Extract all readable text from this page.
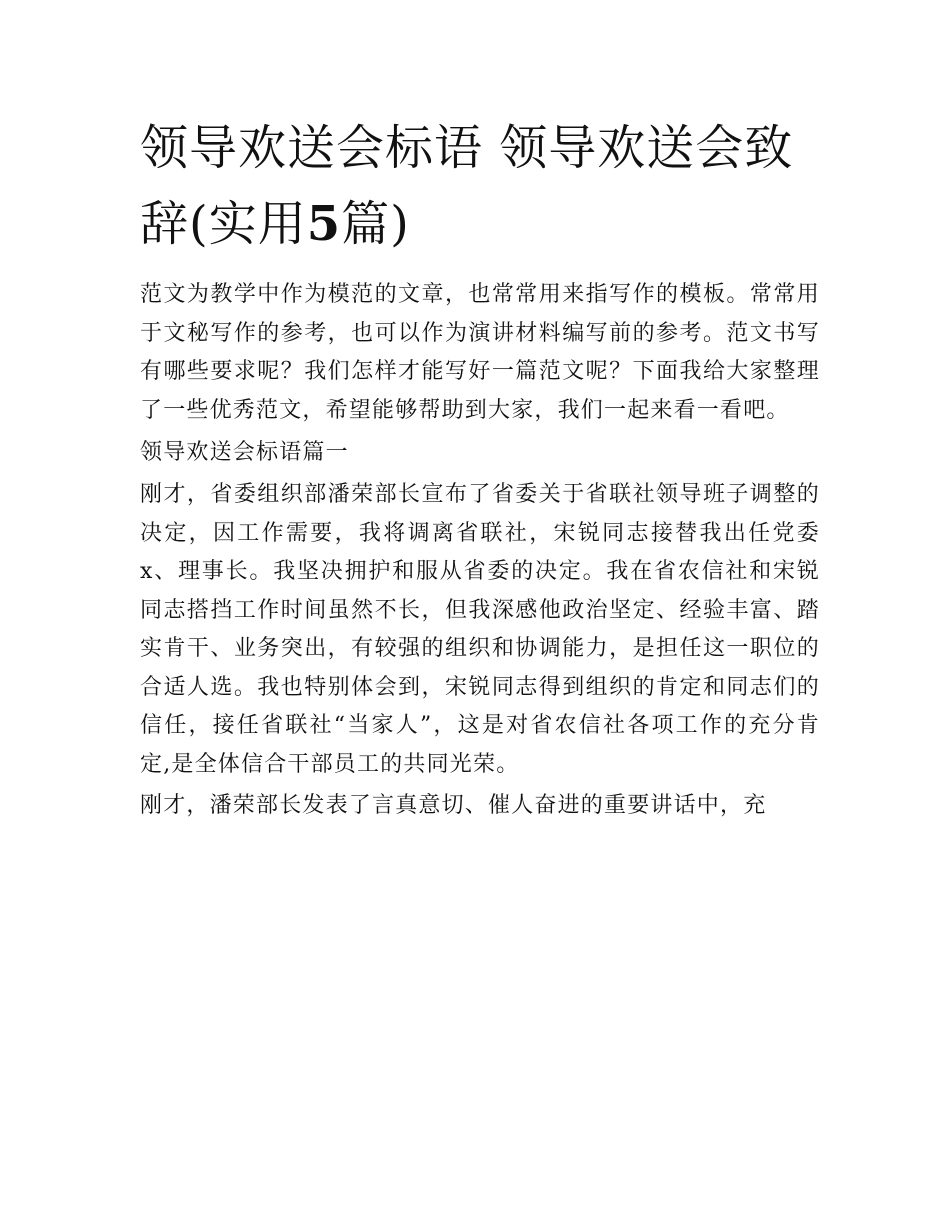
领导欢送会标语 领导欢送会致辞(实用5篇)

范文为教学中作为模范的文章，也常常用来指写作的模板。常常用于文秘写作的参考，也可以作为演讲材料编写前的参考。范文书写有哪些要求呢？我们怎样才能写好一篇范文呢？下面我给大家整理了一些优秀范文，希望能够帮助到大家，我们一起来看一看吧。

领导欢送会标语篇一

刚才，省委组织部潘荣部长宣布了省委关于省联社领导班子调整的决定，因工作需要，我将调离省联社，宋锐同志接替我出任党委x、理事长。我坚决拥护和服从省委的决定。我在省农信社和宋锐同志搭挡工作时间虽然不长，但我深感他政治坚定、经验丰富、踏实肯干、业务突出，有较强的组织和协调能力，是担任这一职位的合适人选。我也特别体会到，宋锐同志得到组织的肯定和同志们的信任，接任省联社“当家人”，这是对省农信社各项工作的充分肯定,是全体信合干部员工的共同光荣。

刚才，潘荣部长发表了言真意切、催人奋进的重要讲话中，充
